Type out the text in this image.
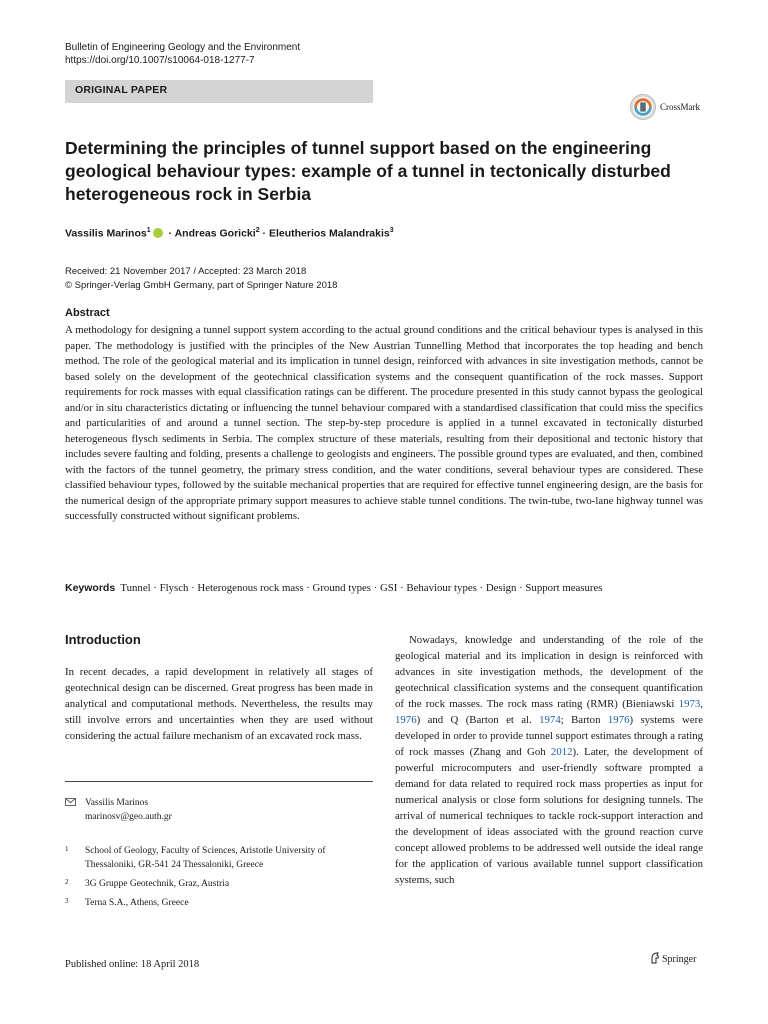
Bulletin of Engineering Geology and the Environment
https://doi.org/10.1007/s10064-018-1277-7
ORIGINAL PAPER
CrossMark
Determining the principles of tunnel support based on the engineering geological behaviour types: example of a tunnel in tectonically disturbed heterogeneous rock in Serbia
Vassilis Marinos$^1$ · Andreas Goricki$^2$ · Eleutherios Malandrakis$^3$
Received: 21 November 2017 / Accepted: 23 March 2018
© Springer-Verlag GmbH Germany, part of Springer Nature 2018
Abstract
A methodology for designing a tunnel support system according to the actual ground conditions and the critical behaviour types is analysed in this paper. The methodology is justified with the principles of the New Austrian Tunnelling Method that incorporates the top heading and bench method. The role of the geological material and its implication in tunnel design, reinforced with advances in site investigation methods, cannot be based solely on the development of the geotechnical classification systems and the consequent quantification of the rock masses. Support requirements for rock masses with equal classification ratings can be different. The procedure presented in this study cannot bypass the geological and/or in situ characteristics dictating or influencing the tunnel behaviour compared with a standardised classification that could miss the specifics and particularities of and around a tunnel section. The step-by-step procedure is applied in a tunnel excavated in tectonically disturbed heterogeneous flysch sediments in Serbia. The complex structure of these materials, resulting from their depositional and tectonic history that includes severe faulting and folding, presents a challenge to geologists and engineers. The possible ground types are evaluated, and then, combined with the factors of the tunnel geometry, the primary stress condition, and the water conditions, several behaviour types are considered. These classified behaviour types, followed by the suitable mechanical properties that are required for effective tunnel engineering design, are the basis for the numerical design of the appropriate primary support measures to achieve stable tunnel conditions. The twin-tube, two-lane highway tunnel was successfully constructed without significant problems.
Keywords Tunnel · Flysch · Heterogenous rock mass · Ground types · GSI · Behaviour types · Design · Support measures
Introduction
In recent decades, a rapid development in relatively all stages of geotechnical design can be discerned. Great progress has been made in analytical and computational methods. Nevertheless, the results may still involve errors and uncertainties when they are used without considering the actual failure mechanism of an excavated rock mass.
Nowadays, knowledge and understanding of the role of the geological material and its implication in design is reinforced with advances in site investigation methods, the development of the geotechnical classification systems and the consequent quantification of the rock masses. The rock mass rating (RMR) (Bieniawski 1973, 1976) and Q (Barton et al. 1974; Barton 1976) systems were developed in order to provide tunnel support estimates through a rating of rock masses (Zhang and Goh 2012). Later, the development of powerful microcomputers and user-friendly software prompted a demand for data related to required rock mass properties as input for numerical analysis or close form solutions for designing tunnels. The arrival of numerical techniques to tackle rock-support interaction and the development of ideas associated with the ground reaction curve concept allowed problems to be addressed well outside the ideal range for the application of various available tunnel support classification systems, such
Vassilis Marinos
marinosv@geo.auth.gr
1 School of Geology, Faculty of Sciences, Aristotle University of Thessaloniki, GR-541 24 Thessaloniki, Greece
2 3G Gruppe Geotechnik, Graz, Austria
3 Terna S.A., Athens, Greece
Published online: 18 April 2018	Springer
